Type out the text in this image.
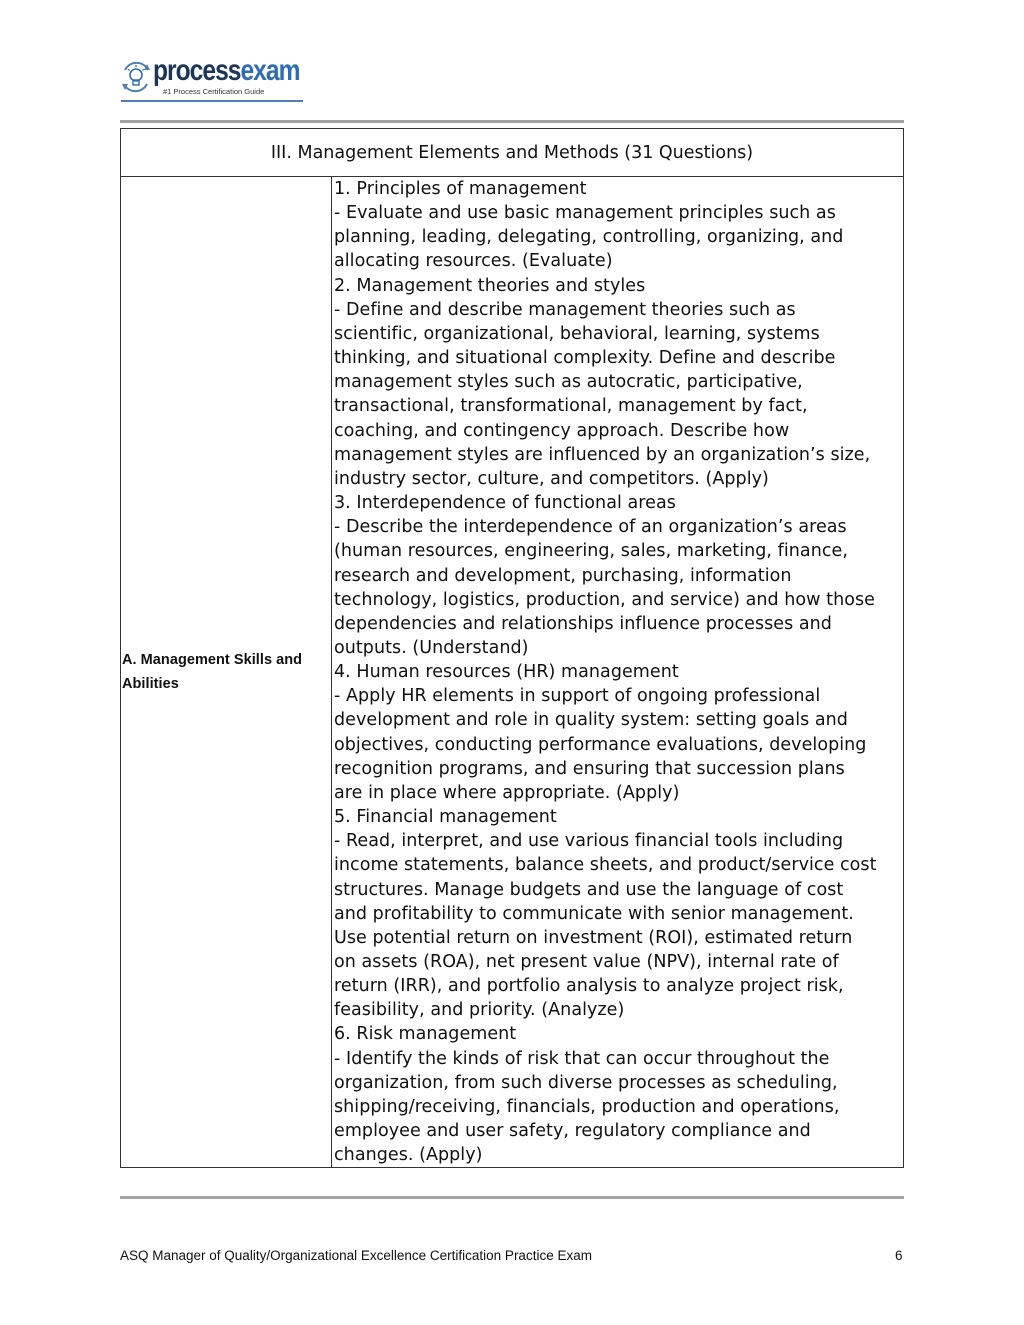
processexam
#1 Process Certification Guide
III. Management Elements and Methods (31 Questions)

A. Management Skills and
Abilities

1. Principles of management
- Evaluate and use basic management principles such as
planning, leading, delegating, controlling, organizing, and
allocating resources. (Evaluate)
2. Management theories and styles
- Define and describe management theories such as
scientific, organizational, behavioral, learning, systems
thinking, and situational complexity. Define and describe
management styles such as autocratic, participative,
transactional, transformational, management by fact,
coaching, and contingency approach. Describe how
management styles are influenced by an organization’s size,
industry sector, culture, and competitors. (Apply)
3. Interdependence of functional areas
- Describe the interdependence of an organization’s areas
(human resources, engineering, sales, marketing, finance,
research and development, purchasing, information
technology, logistics, production, and service) and how those
dependencies and relationships influence processes and
outputs. (Understand)
4. Human resources (HR) management
- Apply HR elements in support of ongoing professional
development and role in quality system: setting goals and
objectives, conducting performance evaluations, developing
recognition programs, and ensuring that succession plans
are in place where appropriate. (Apply)
5. Financial management
- Read, interpret, and use various financial tools including
income statements, balance sheets, and product/service cost
structures. Manage budgets and use the language of cost
and profitability to communicate with senior management.
Use potential return on investment (ROI), estimated return
on assets (ROA), net present value (NPV), internal rate of
return (IRR), and portfolio analysis to analyze project risk,
feasibility, and priority. (Analyze)
6. Risk management
- Identify the kinds of risk that can occur throughout the
organization, from such diverse processes as scheduling,
shipping/receiving, financials, production and operations,
employee and user safety, regulatory compliance and
changes. (Apply)
ASQ Manager of Quality/Organizational Excellence Certification Practice Exam	6
